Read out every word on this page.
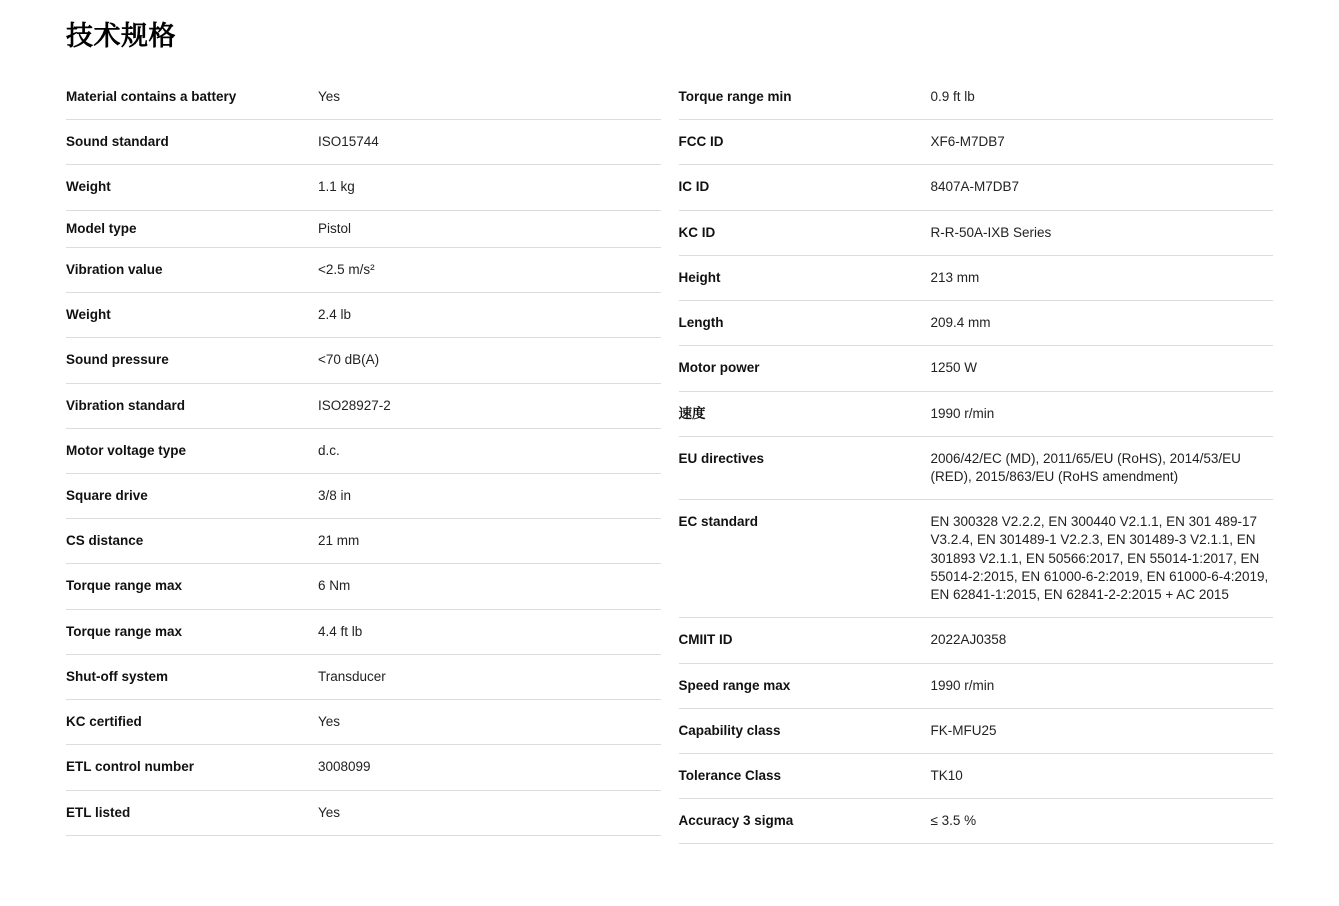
技术规格
Material contains a battery	Yes
Sound standard	ISO15744
Weight	1.1 kg
Model type	Pistol
Vibration value	<2.5 m/s²
Weight	2.4 lb
Sound pressure	<70 dB(A)
Vibration standard	ISO28927-2
Motor voltage type	d.c.
Square drive	3/8 in
CS distance	21 mm
Torque range max	6 Nm
Torque range max	4.4 ft lb
Shut-off system	Transducer
KC certified	Yes
ETL control number	3008099
ETL listed	Yes
Torque range min	0.9 ft lb
FCC ID	XF6-M7DB7
IC ID	8407A-M7DB7
KC ID	R-R-50A-IXB Series
Height	213 mm
Length	209.4 mm
Motor power	1250 W
速度	1990 r/min
EU directives	2006/42/EC (MD), 2011/65/EU (RoHS), 2014/53/EU (RED), 2015/863/EU (RoHS amendment)
EC standard	EN 300328 V2.2.2, EN 300440 V2.1.1, EN 301 489-17 V3.2.4, EN 301489-1 V2.2.3, EN 301489-3 V2.1.1, EN 301893 V2.1.1, EN 50566:2017, EN 55014-1:2017, EN 55014-2:2015, EN 61000-6-2:2019, EN 61000-6-4:2019, EN 62841-1:2015, EN 62841-2-2:2015 + AC 2015
CMIIT ID	2022AJ0358
Speed range max	1990 r/min
Capability class	FK-MFU25
Tolerance Class	TK10
Accuracy 3 sigma	≤ 3.5 %
